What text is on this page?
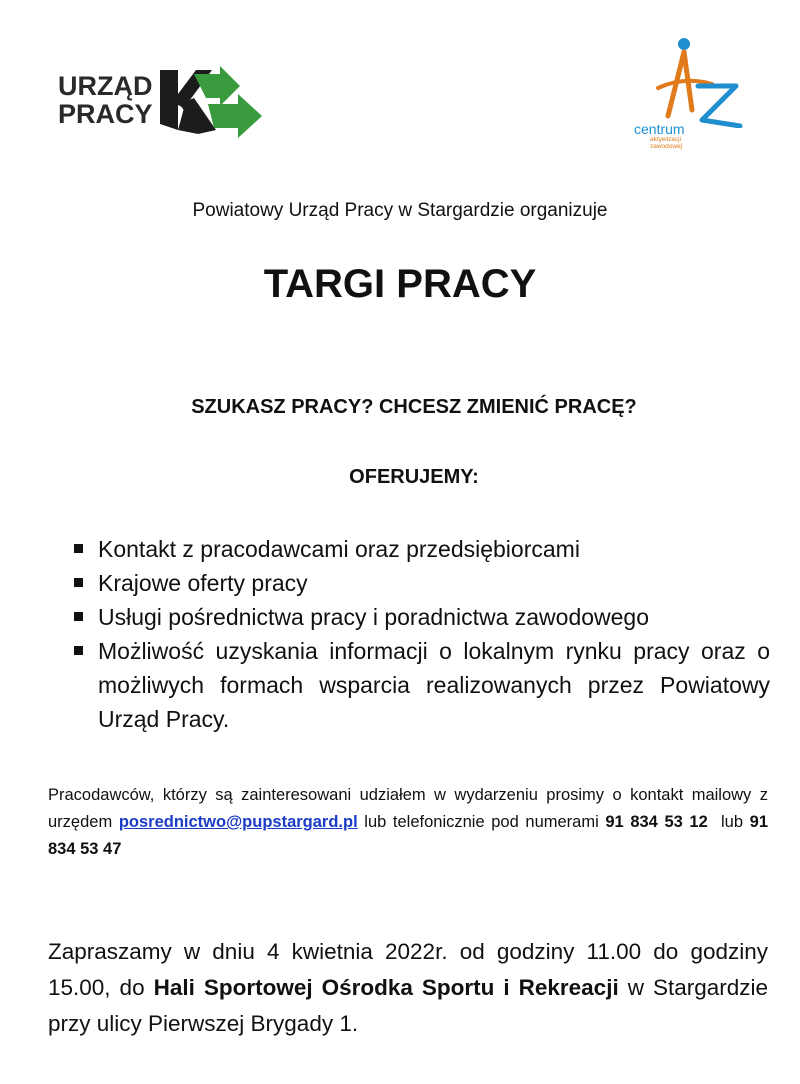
URZĄD
PRACY	centrum
aktywizacji
zawodowej
Powiatowy Urząd Pracy w Stargardzie organizuje
TARGI PRACY
SZUKASZ PRACY? CHCESZ ZMIENIĆ PRACĘ?
OFERUJEMY:
Kontakt z pracodawcami oraz przedsiębiorcami
Krajowe oferty pracy
Usługi pośrednictwa pracy i poradnictwa zawodowego
Możliwość uzyskania informacji o lokalnym rynku pracy oraz o możliwych formach wsparcia realizowanych przez Powiatowy Urząd Pracy.
Pracodawców, którzy są zainteresowani udziałem w wydarzeniu prosimy o kontakt mailowy z urzędem posrednictwo@pupstargard.pl lub telefonicznie pod numerami 91 834 53 12  lub 91 834 53 47
Zapraszamy w dniu 4 kwietnia 2022r. od godziny 11.00 do godziny 15.00, do Hali Sportowej Ośrodka Sportu i Rekreacji w Stargardzie przy ulicy Pierwszej Brygady 1.
